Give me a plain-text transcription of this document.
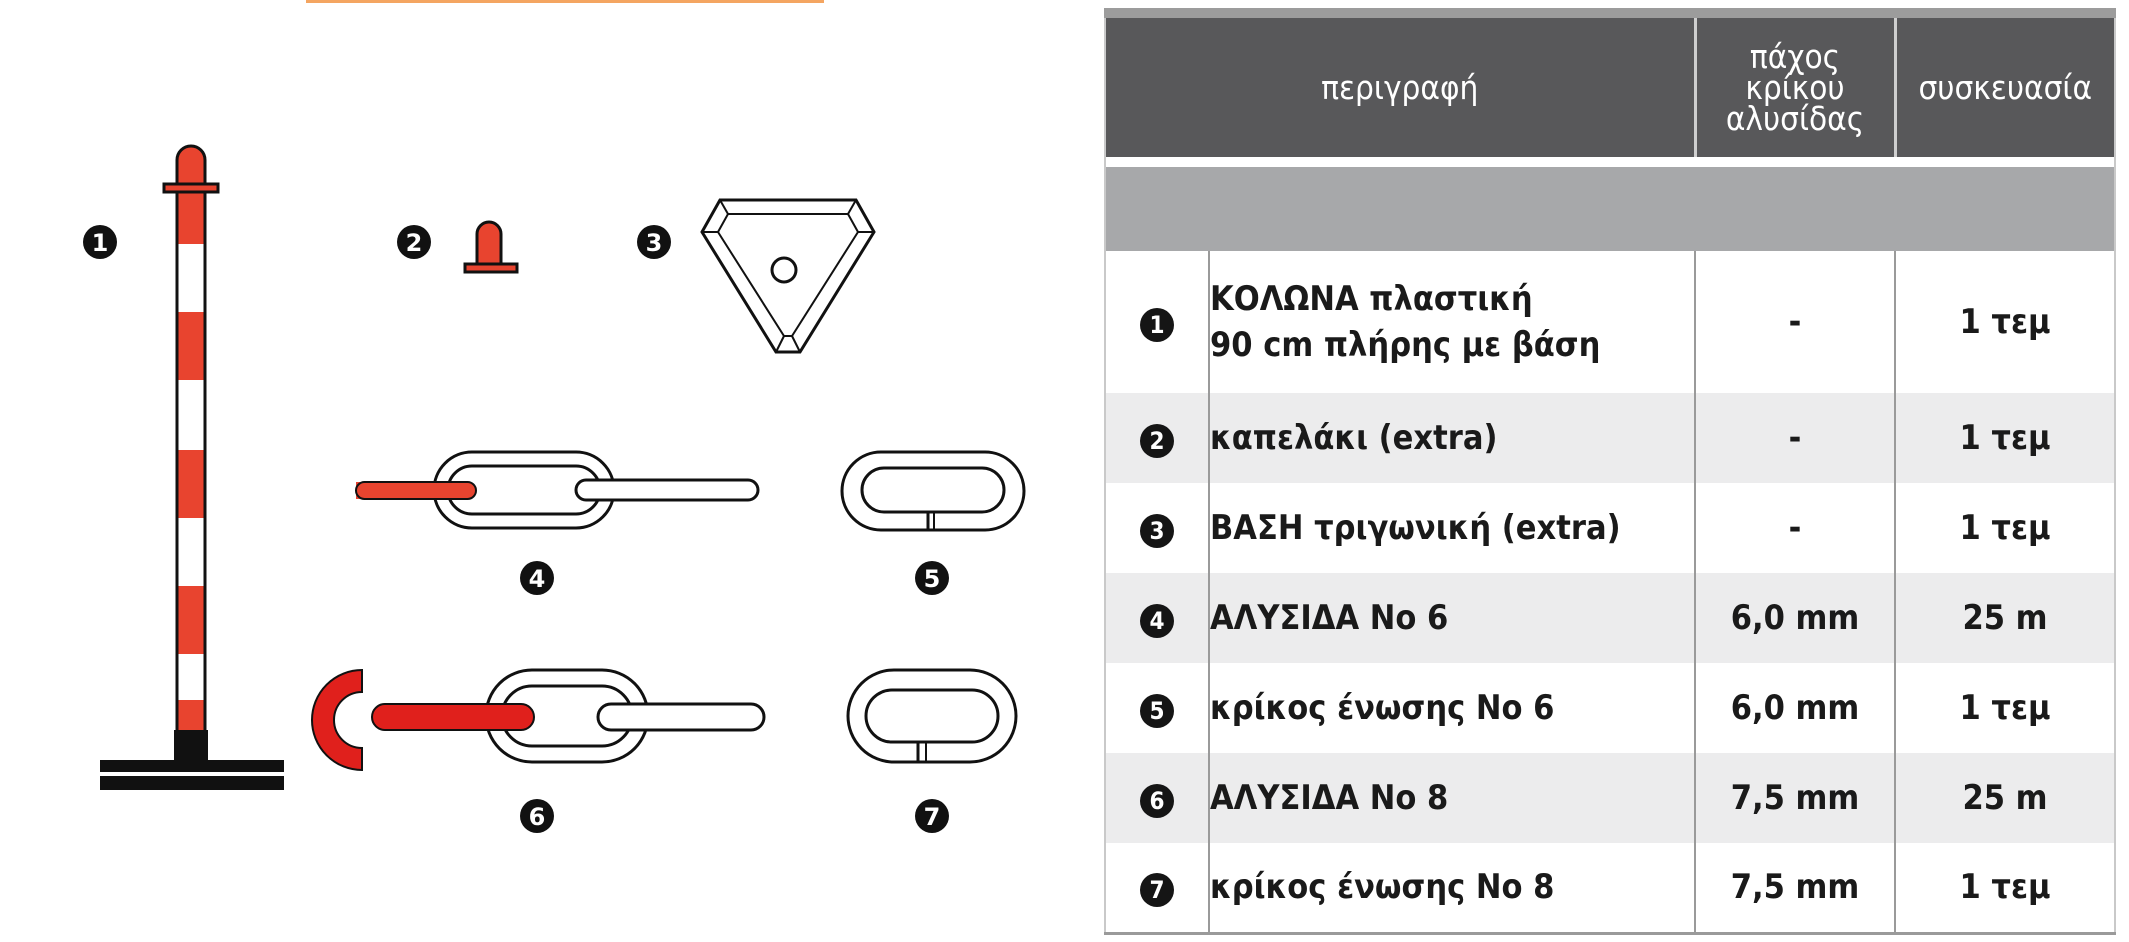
1	2	3
4	5
6	7
περιγραφή		πάχος κρίκου
αλυσίδας	συσκευασία

1	ΚΟΛΩΝΑ πλαστική
90 cm πλήρης με βάση	-	1 τεμ
2	καπελάκι (extra)	-	1 τεμ
3	ΒΑΣΗ τριγωνική (extra)	-	1 τεμ
4	ΑΛΥΣΙΔΑ Νο 6	6,0 mm	25 m
5	κρίκος ένωσης Νο 6	6,0 mm	1 τεμ
6	ΑΛΥΣΙΔΑ Νο 8	7,5 mm	25 m
7	κρίκος ένωσης Νο 8	7,5 mm	1 τεμ
